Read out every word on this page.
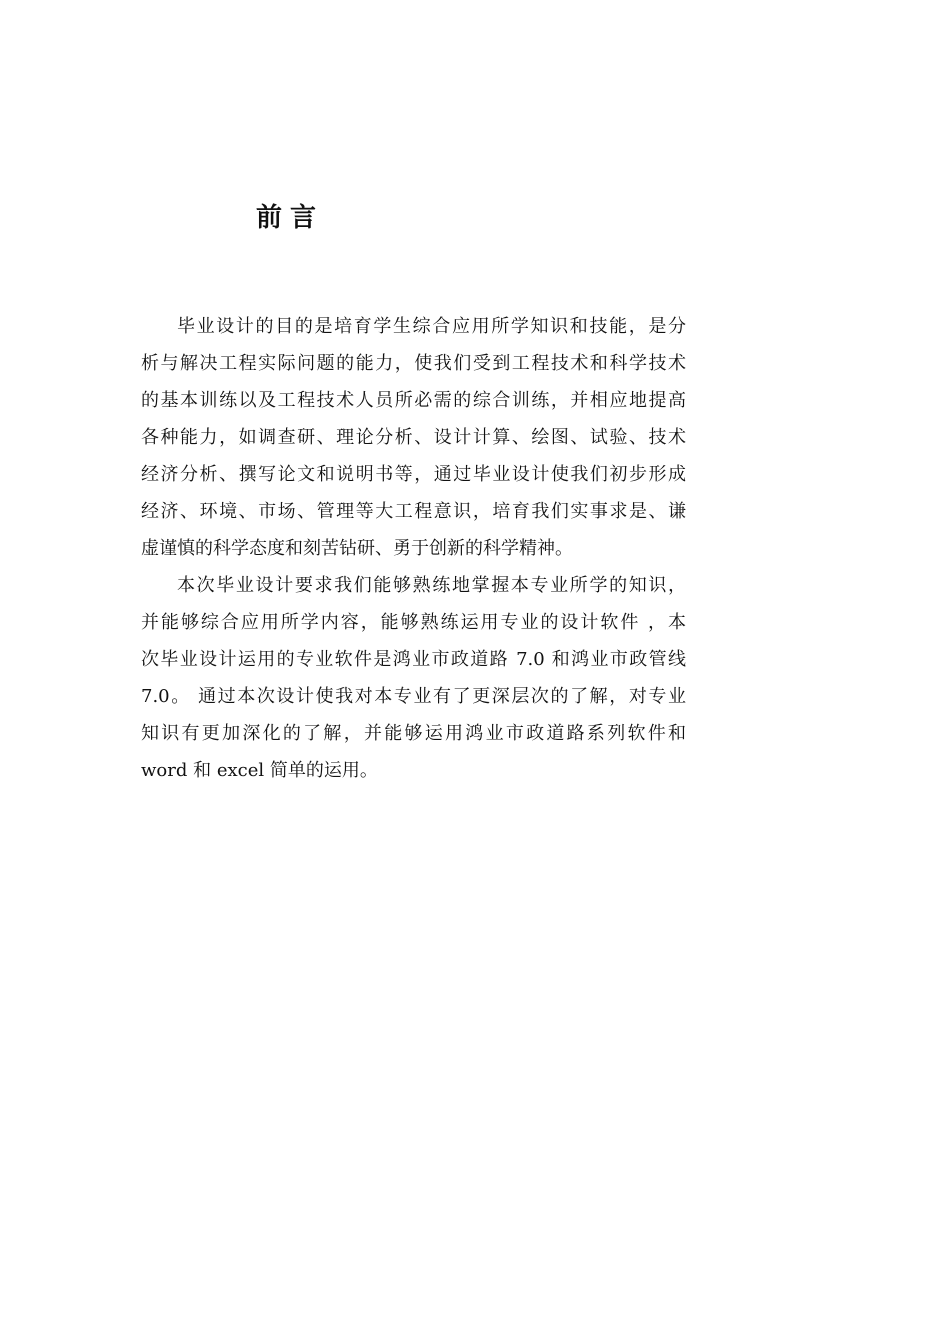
前言
毕业设计的目的是培育学生综合应用所学知识和技能，是分
析与解决工程实际问题的能力，使我们受到工程技术和科学技术
的基本训练以及工程技术人员所必需的综合训练，并相应地提高
各种能力，如调查研、理论分析、设计计算、绘图、试验、技术
经济分析、撰写论文和说明书等，通过毕业设计使我们初步形成
经济、环境、市场、管理等大工程意识，培育我们实事求是、谦
虚谨慎的科学态度和刻苦钻研、勇于创新的科学精神。
本次毕业设计要求我们能够熟练地掌握本专业所学的知识，
并能够综合应用所学内容，能够熟练运用专业的设计软件 ，本
次毕业设计运用的专业软件是鸿业市政道路 7.0 和鸿业市政管线
7.0。 通过本次设计使我对本专业有了更深层次的了解，对专业
知识有更加深化的了解，并能够运用鸿业市政道路系列软件和
word 和 excel 简单的运用。
